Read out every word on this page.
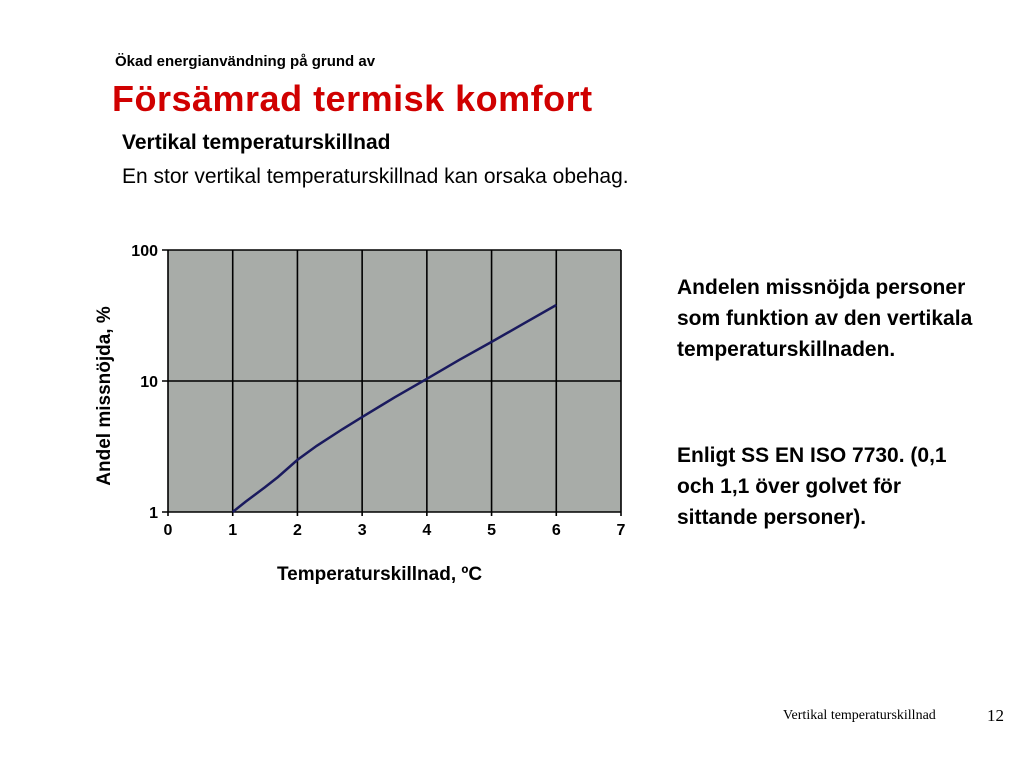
Ökad energianvändning på grund av
Försämrad termisk komfort
Vertikal temperaturskillnad
En stor vertikal temperaturskillnad kan orsaka obehag.
0	1	2	3	4	5	6	7
1
10
100
Temperaturskillnad, ºC
Andel missnöjda, %
Andelen missnöjda personer som funktion av den vertikala temperaturskillnaden.
Enligt SS EN ISO 7730. (0,1 och 1,1 över golvet för sittande personer).
Vertikal temperaturskillnad	12
